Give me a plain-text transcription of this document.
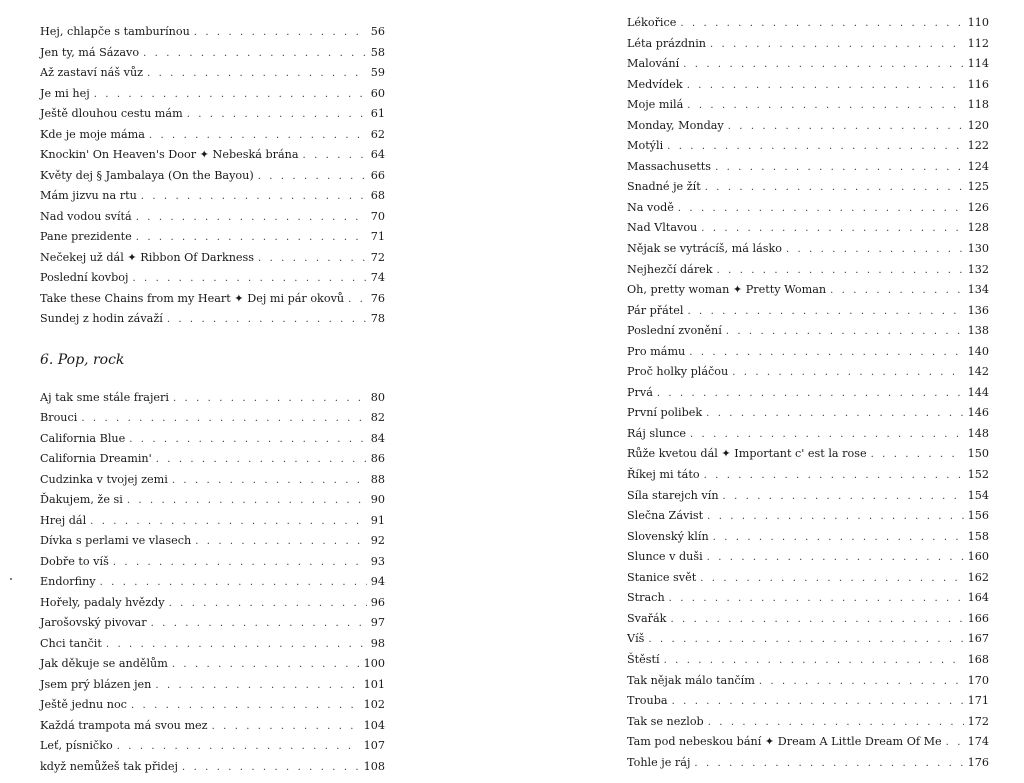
Hej, chlapče s tamburínou . . .	56
Jen ty, má Sázavo . . .	58
Až zastaví náš vůz . . .	59
Je mi hej . . .	60
Ještě dlouhou cestu mám . . .	61
Kde je moje máma . . .	62
Knockin' On Heaven's Door ✦ Nebeská brána . . .	64
Květy dej § Jambalaya (On the Bayou) . . .	66
Mám jizvu na rtu . . .	68
Nad vodou svítá . . .	70
Pane prezidente . . .	71
Nečekej už dál ✦ Ribbon Of Darkness . . .	72
Poslední kovboj . . .	74
Take these Chains from my Heart ✦ Dej mi pár okovů . . . 76
Sundej z hodin závaží . . .	78
6. Pop, rock
Aj tak sme stále frajeri . . .	80
Brouci . . .	82
California Blue . . .	84
California Dreamin' . . .	86
Cudzinka v tvojej zemi . . .	88
Ďakujem, že si . . .	90
Hrej dál . . .	91
Dívka s perlami ve vlasech . . .	92
Dobře to víš . . .	93
Endorfiny . . .	94
Hořely, padaly hvězdy . . .	96
Jarošovský pivovar . . .	97
Chci tančit . . .	98
Jak děkuje se andělům . . .	100
Jsem prý blázen jen . . .	101
Ještě jednu noc . . .	102
Každá trampota má svou mez . . .	104
Leť, písničko . . .	107
když nemůžeš tak přidej . . .	108
Lékořice . . .	110
Léta prázdnin . . .	112
Malování . . .	114
Medvídek . . .	116
Moje milá . . .	118
Monday, Monday . . .	120
Motýli . . .	122
Massachusetts . . .	124
Snadné je žít . . .	125
Na vodě . . .	126
Nad Vltavou . . .	128
Nějak se vytrácíš, má lásko . . .	130
Nejhezčí dárek . . .	132
Oh, pretty woman ✦ Pretty Woman . . .	134
Pár přátel . . .	136
Poslední zvonění . . .	138
Pro mámu . . .	140
Proč holky pláčou . . .	142
Prvá . . .	144
První polibek . . .	146
Ráj slunce . . .	148
Růže kvetou dál ✦ Important c' est la rose . . .	150
Říkej mi táto . . .	152
Síla starejch vín . . .	154
Slečna Závist . . .	156
Slovenský klín . . .	158
Slunce v duši . . .	160
Stanice svět . . .	162
Strach . . .	164
Svařák . . .	166
Víš . . .	167
Štěstí . . .	168
Tak nějak málo tančím . . .	170
Trouba . . .	171
Tak se nezlob . . .	172
Tam pod nebeskou bání ✦ Dream A Little Dream Of Me . . . 174
Tohle je ráj . . .	176
